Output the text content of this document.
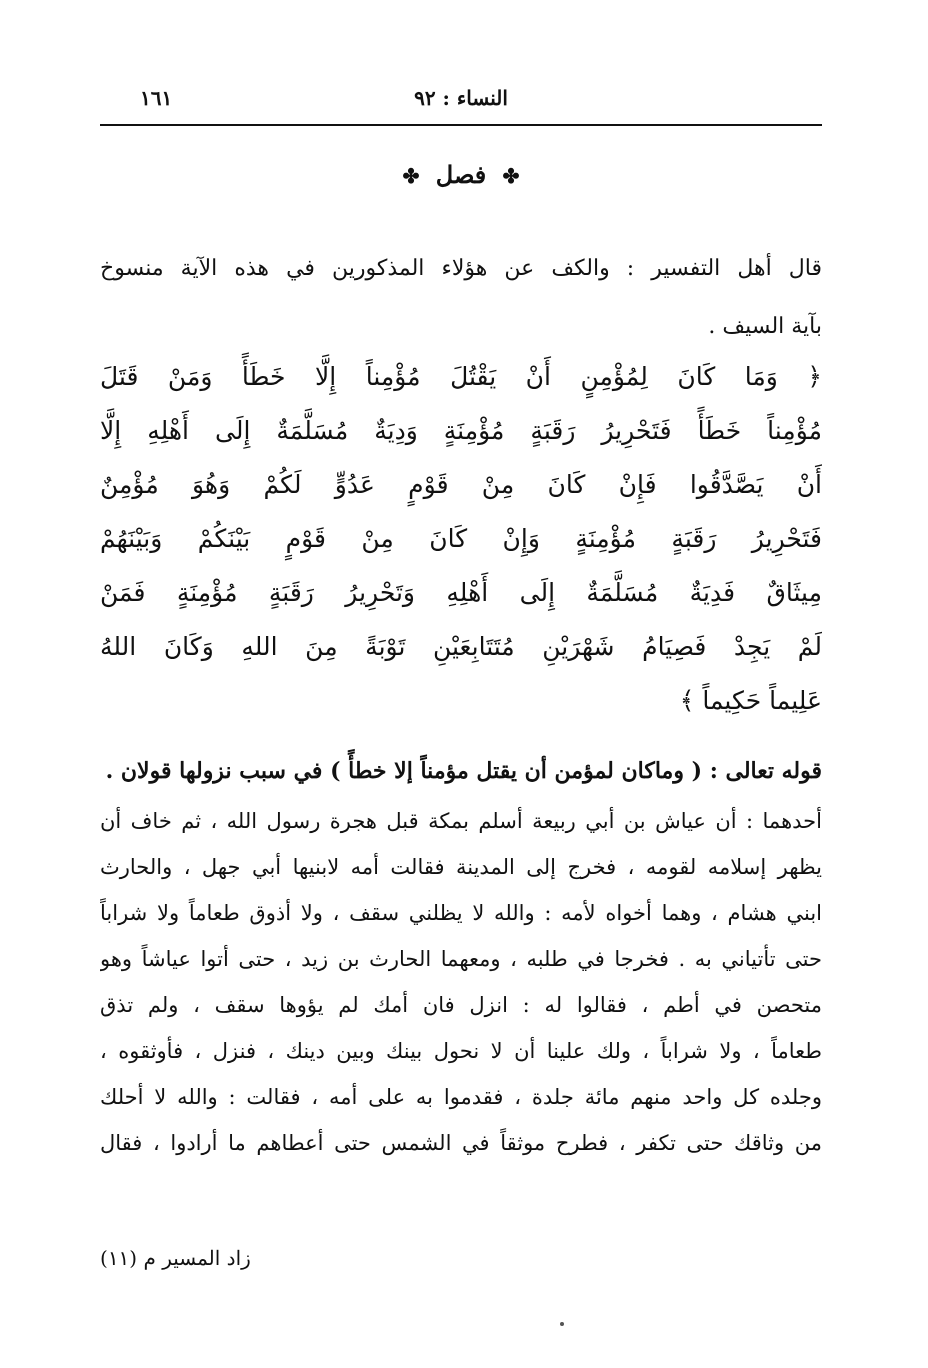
١٦١	النساء : ٩٢
✤ فصل ✤
قال أهل التفسير : والكف عن هؤلاء المذكورين في هذه الآية منسوخ
بآية السيف .
﴿ وَمَا كَانَ لِمُؤْمِنٍ أَنْ يَقْتُلَ مُؤْمِناً إِلَّا خَطَأً وَمَنْ قَتَلَ
مُؤْمِناً خَطَأً فَتَحْرِيرُ رَقَبَةٍ مُؤْمِنَةٍ وَدِيَةٌ مُسَلَّمَةٌ إِلَى أَهْلِهِ إِلَّا
أَنْ يَصَّدَّقُوا فَإِنْ كَانَ مِنْ قَوْمٍ عَدُوٍّ لَكُمْ وَهُوَ مُؤْمِنٌ
فَتَحْرِيرُ رَقَبَةٍ مُؤْمِنَةٍ وَإِنْ كَانَ مِنْ قَوْمٍ بَيْنَكُمْ وَبَيْنَهُمْ
مِيثَاقٌ فَدِيَةٌ مُسَلَّمَةٌ إِلَى أَهْلِهِ وَتَحْرِيرُ رَقَبَةٍ مُؤْمِنَةٍ فَمَنْ
لَمْ يَجِدْ فَصِيَامُ شَهْرَيْنِ مُتَتَابِعَيْنِ تَوْبَةً مِنَ اللهِ وَكَانَ اللهُ
عَلِيماً حَكِيماً ﴾
قوله تعالى : ( وماكان لمؤمن أن يقتل مؤمناً إلا خطأً ) في سبب نزولها قولان .
أحدهما : أن عياش بن أبي ربيعة أسلم بمكة قبل هجرة رسول الله ، ثم خاف أن
يظهر إسلامه لقومه ، فخرج إلى المدينة فقالت أمه لابنيها أبي جهل ، والحارث
ابني هشام ، وهما أخواه لأمه : والله لا يظلني سقف ، ولا أذوق طعاماً ولا شراباً
حتى تأتياني به . فخرجا في طلبه ، ومعهما الحارث بن زيد ، حتى أتوا عياشاً وهو
متحصن في أطم ، فقالوا له : انزل فان أمك لم يؤوها سقف ، ولم تذق
طعاماً ، ولا شراباً ، ولك علينا أن لا نحول بينك وبين دينك ، فنزل ، فأوثقوه ،
وجلده كل واحد منهم مائة جلدة ، فقدموا به على أمه ، فقالت : والله لا أحلك
من وثاقك حتى تكفر ، فطرح موثقاً في الشمس حتى أعطاهم ما أرادوا ، فقال
زاد المسير م (١١)
